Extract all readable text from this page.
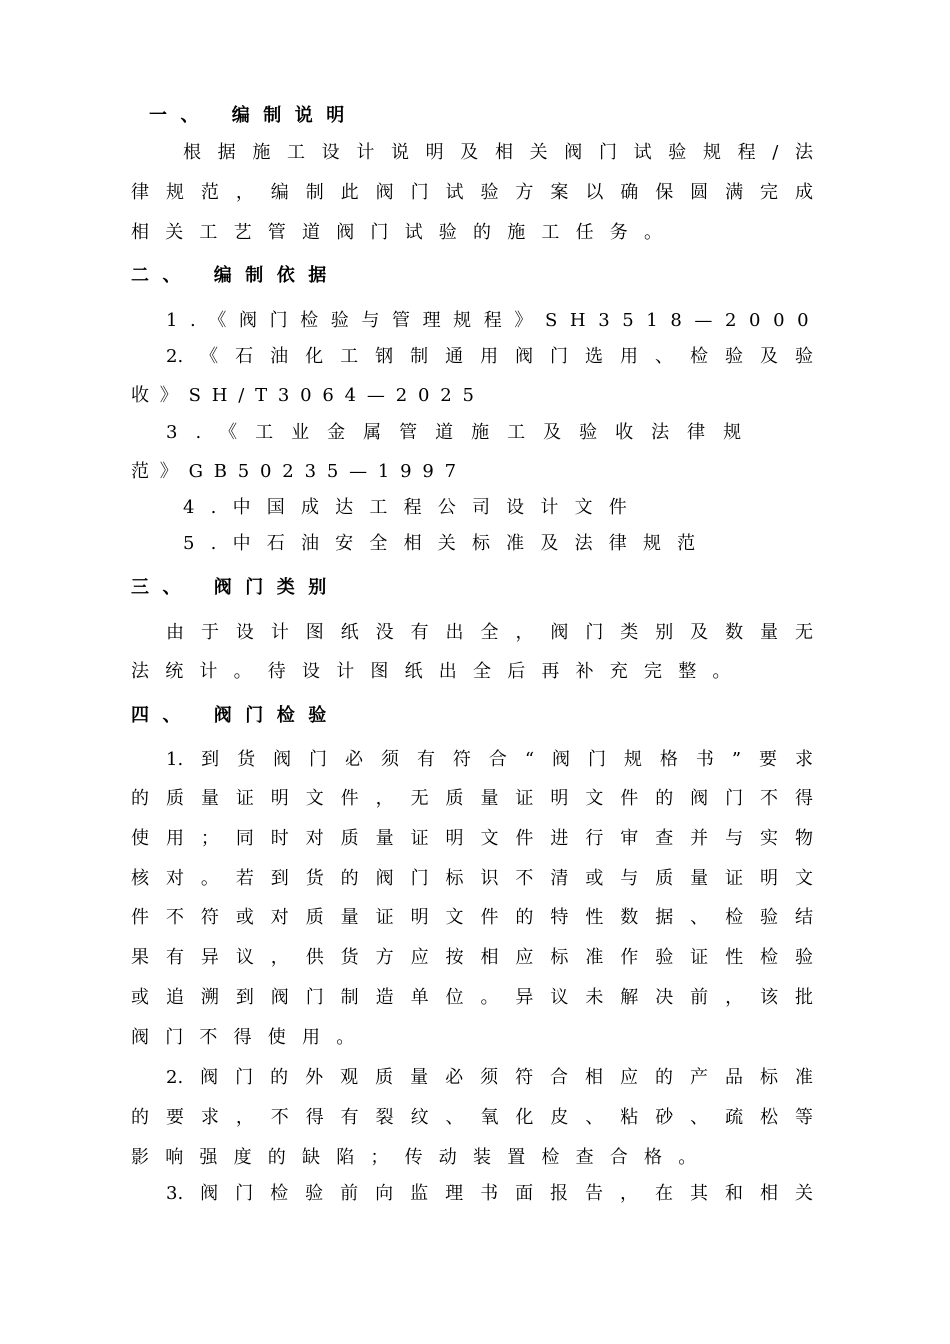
一、 编制说明
根据施工设计说明及相关阀门试验规程/法
律规范，编制此阀门试验方案以确保圆满完成
相关工艺管道阀门试验的施工任务。
二、 编制依据
1.《阀门检验与管理规程》SH3518—2000
2.《石油化工钢制通用阀门选用、检验及验
收》SH/T3064—2025
3.《工业金属管道施工及验收法律规
范》GB50235—1997
4.中国成达工程公司设计文件
5.中石油安全相关标准及法律规范
三、 阀门类别
由于设计图纸没有出全，阀门类别及数量无
法统计。待设计图纸出全后再补充完整。
四、 阀门检验
1.到货阀门必须有符合“阀门规格书”要求
的质量证明文件，无质量证明文件的阀门不得
使用；同时对质量证明文件进行审查并与实物
核对。若到货的阀门标识不清或与质量证明文
件不符或对质量证明文件的特性数据、检验结
果有异议，供货方应按相应标准作验证性检验
或追溯到阀门制造单位。异议未解决前，该批
阀门不得使用。
2.阀门的外观质量必须符合相应的产品标准
的要求，不得有裂纹、氧化皮、粘砂、疏松等
影响强度的缺陷；传动装置检查合格。
3.阀门检验前向监理书面报告，在其和相关
